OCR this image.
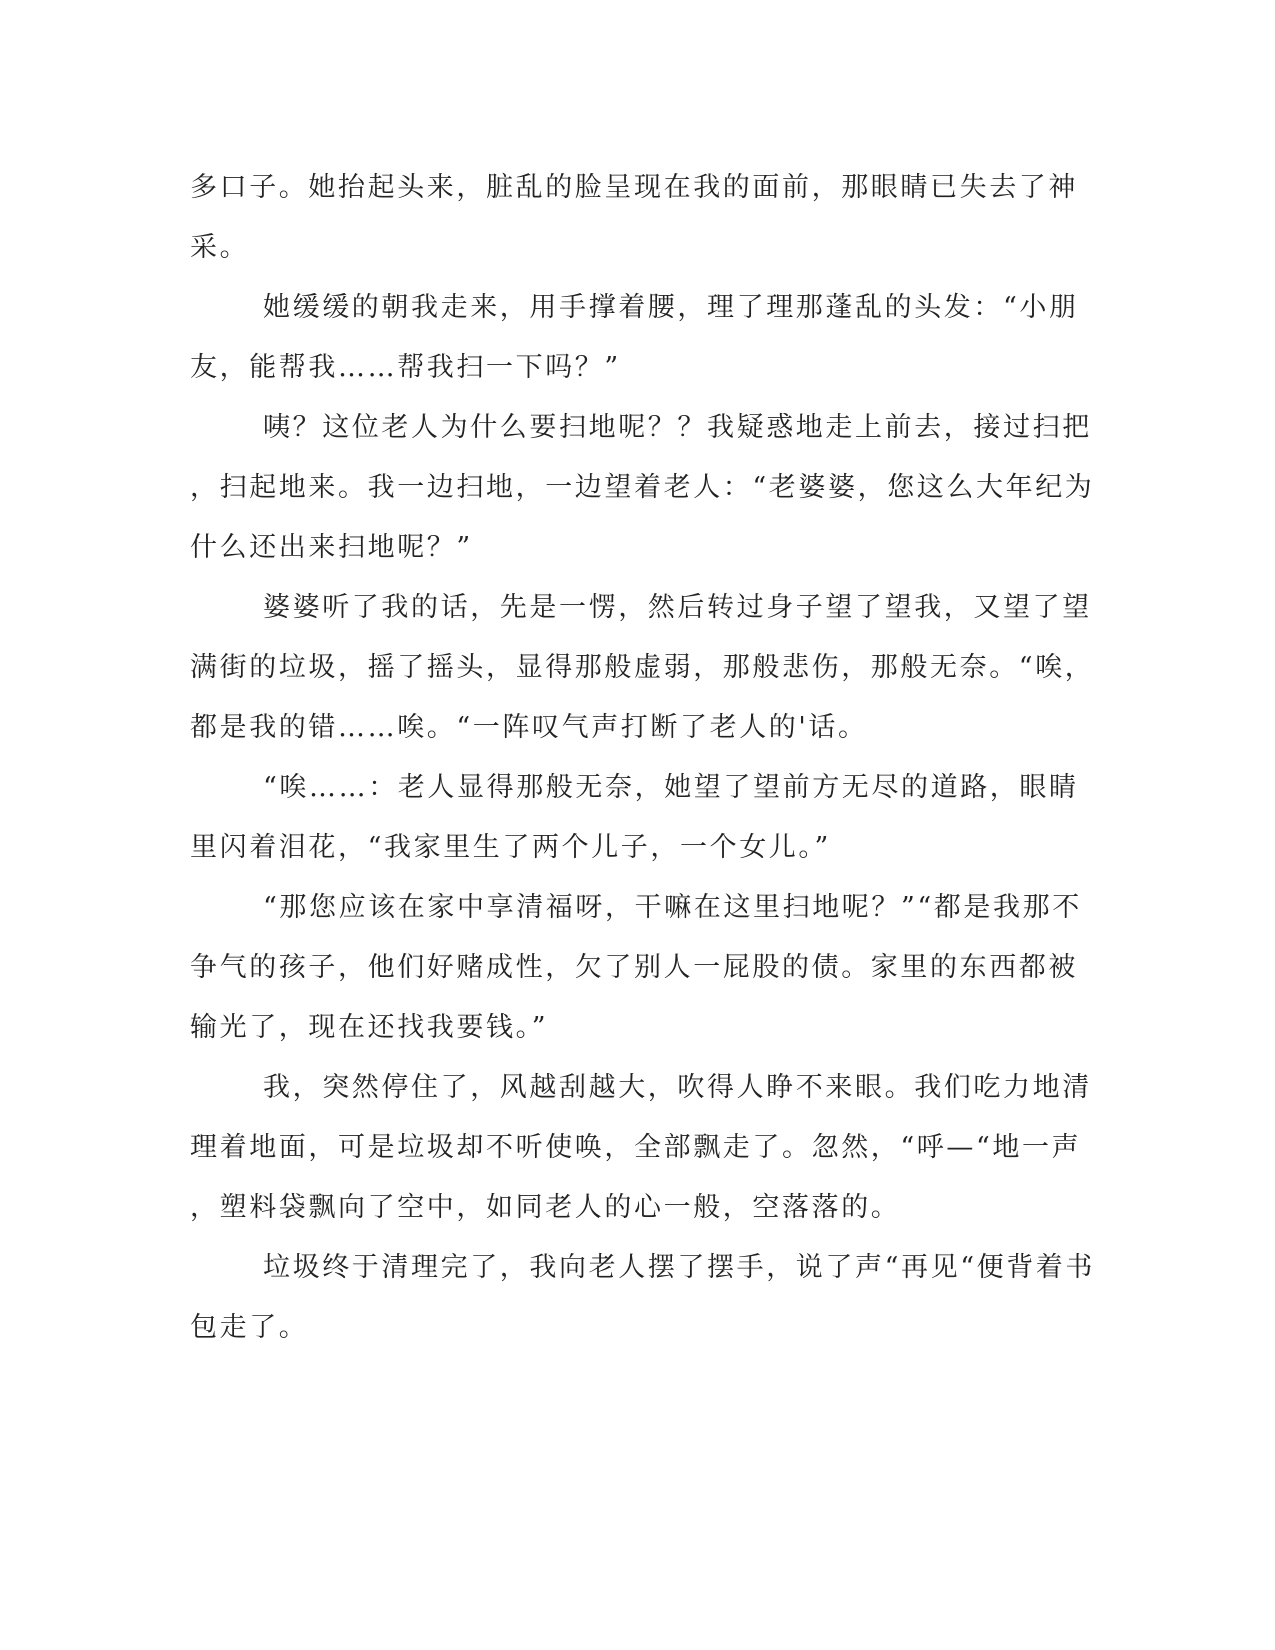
多口子。她抬起头来，脏乱的脸呈现在我的面前，那眼睛已失去了神
采。
她缓缓的朝我走来，用手撑着腰，理了理那蓬乱的头发：“小朋
友，能帮我……帮我扫一下吗？”
咦？这位老人为什么要扫地呢？？我疑惑地走上前去，接过扫把
，扫起地来。我一边扫地，一边望着老人：“老婆婆，您这么大年纪为
什么还出来扫地呢？”
婆婆听了我的话，先是一愣，然后转过身子望了望我，又望了望
满街的垃圾，摇了摇头，显得那般虚弱，那般悲伤，那般无奈。“唉，
都是我的错……唉。“一阵叹气声打断了老人的'话。
“唉……：老人显得那般无奈，她望了望前方无尽的道路，眼睛
里闪着泪花，“我家里生了两个儿子，一个女儿。”
“那您应该在家中享清福呀，干嘛在这里扫地呢？”“都是我那不
争气的孩子，他们好赌成性，欠了别人一屁股的债。家里的东西都被
输光了，现在还找我要钱。”
我，突然停住了，风越刮越大，吹得人睁不来眼。我们吃力地清
理着地面，可是垃圾却不听使唤，全部飘走了。忽然，“呼—“地一声
，塑料袋飘向了空中，如同老人的心一般，空落落的。
垃圾终于清理完了，我向老人摆了摆手，说了声“再见“便背着书
包走了。
